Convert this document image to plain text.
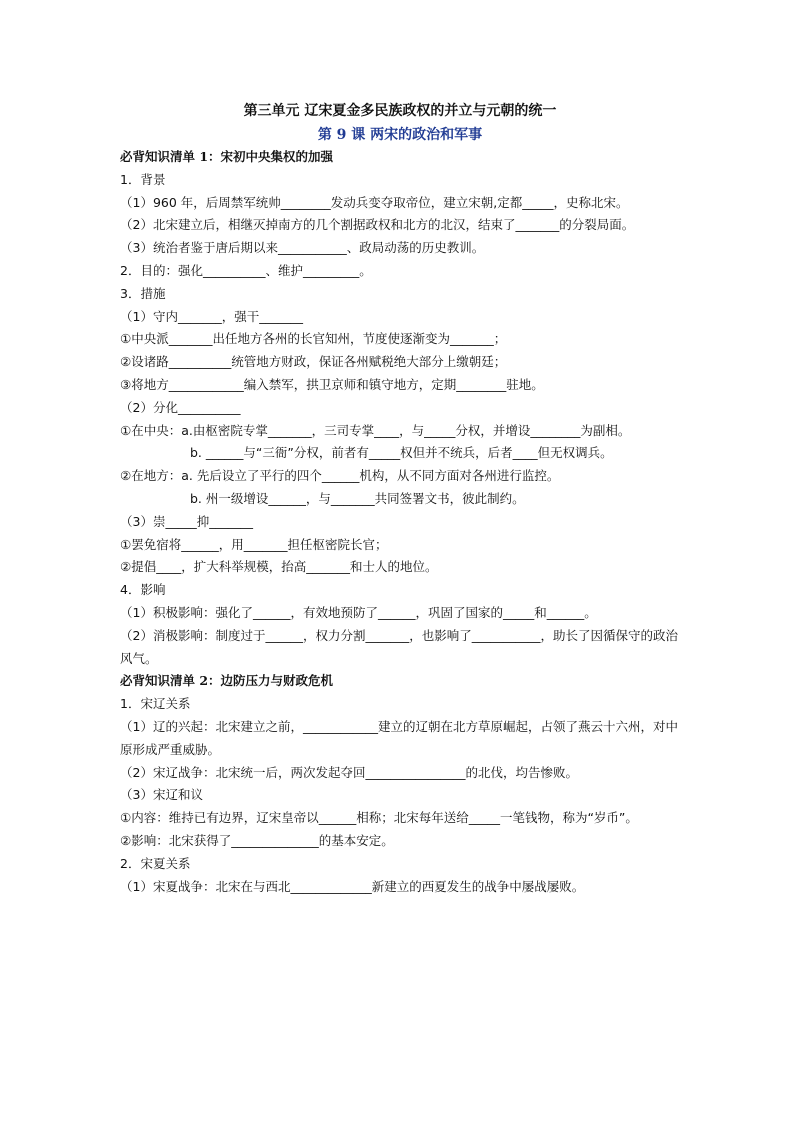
第三单元 辽宋夏金多民族政权的并立与元朝的统一
第 9 课 两宋的政治和军事
必背知识清单 1：宋初中央集权的加强
1．背景
（1）960 年，后周禁军统帅________发动兵变夺取帝位，建立宋朝,定都_____，史称北宋。
（2）北宋建立后，相继灭掉南方的几个割据政权和北方的北汉，结束了_______的分裂局面。
（3）统治者鉴于唐后期以来___________、政局动荡的历史教训。
2．目的：强化__________、维护_________。
3．措施
（1）守内_______，强干_______
①中央派_______出任地方各州的长官知州，节度使逐渐变为_______；
②设诸路__________统管地方财政，保证各州赋税绝大部分上缴朝廷；
③将地方____________编入禁军，拱卫京师和镇守地方，定期________驻地。
（2）分化__________
①在中央：a.由枢密院专掌_______，三司专掌____，与_____分权，并增设________为副相。
b. ______与“三衙”分权，前者有_____权但并不统兵，后者____但无权调兵。
②在地方：a. 先后设立了平行的四个______机构，从不同方面对各州进行监控。
b. 州一级增设______，与_______共同签署文书，彼此制约。
（3）崇_____抑_______
①罢免宿将______，用_______担任枢密院长官；
②提倡____，扩大科举规模，抬高_______和士人的地位。
4．影响
（1）积极影响：强化了______，有效地预防了______，巩固了国家的_____和______。
（2）消极影响：制度过于______，权力分割_______，也影响了___________，助长了因循保守的政治风气。
必背知识清单 2：边防压力与财政危机
1．宋辽关系
（1）辽的兴起：北宋建立之前，____________建立的辽朝在北方草原崛起，占领了燕云十六州，对中原形成严重威胁。
（2）宋辽战争：北宋统一后，两次发起夺回________________的北伐，均告惨败。
（3）宋辽和议
①内容：维持已有边界，辽宋皇帝以______相称；北宋每年送给_____一笔钱物，称为“岁币”。
②影响：北宋获得了______________的基本安定。
2．宋夏关系
（1）宋夏战争：北宋在与西北_____________新建立的西夏发生的战争中屡战屡败。
